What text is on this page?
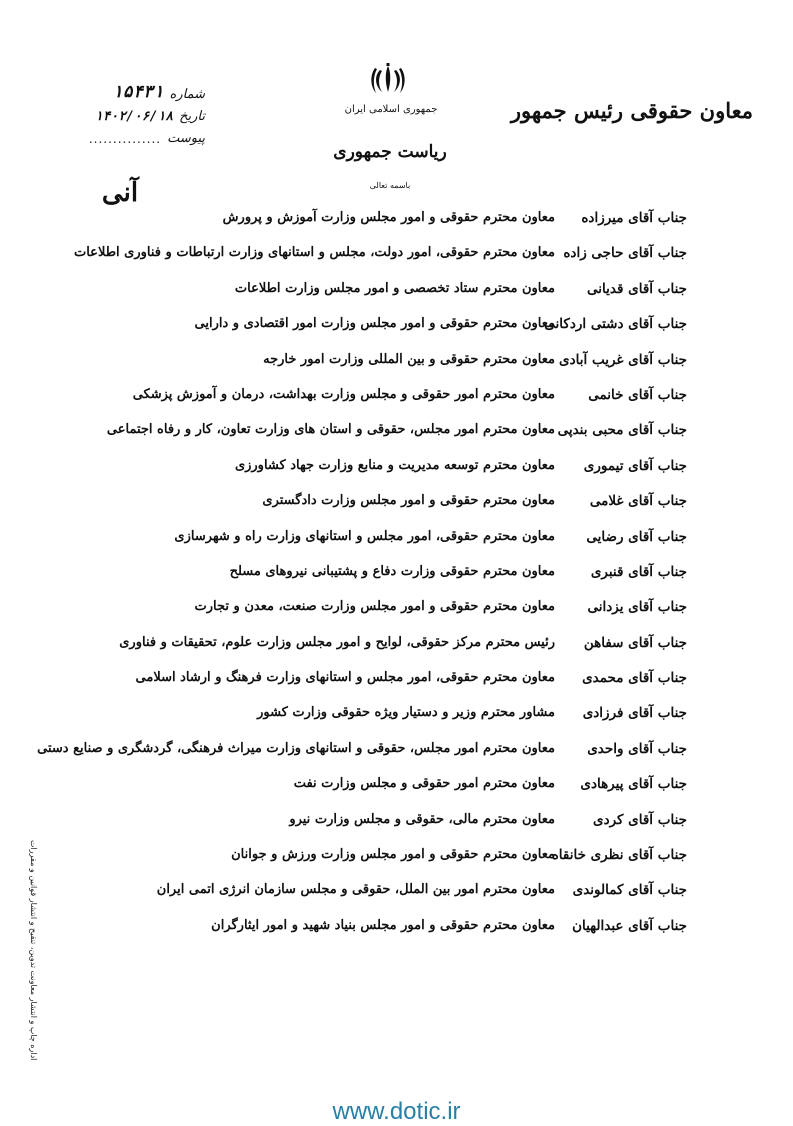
معاون حقوقی رئیس جمهور
جمهوری اسلامی ایران
ریاست جمهوری
باسمه تعالی
شماره
۱۵۴۳۱
تاریخ
۱۴۰۲/۰۶/۱۸
پیوست
...............
آنی
جناب آقای میرزاده
معاون محترم حقوقی و امور مجلس وزارت آموزش و پرورش
جناب آقای حاجی زاده
معاون محترم حقوقی، امور دولت، مجلس و استانهای وزارت ارتباطات و فناوری اطلاعات
جناب آقای قدیانی
معاون محترم ستاد تخصصی و امور مجلس وزارت اطلاعات
جناب آقای دشتی اردکانی
معاون محترم حقوقی و امور مجلس وزارت امور اقتصادی و دارایی
جناب آقای غریب آبادی
معاون محترم حقوقی و بین المللی وزارت امور خارجه
جناب آقای خانمی
معاون محترم امور حقوقی و مجلس وزارت بهداشت، درمان و آموزش پزشکی
جناب آقای محبی بندپی
معاون محترم امور مجلس، حقوقی و استان های وزارت تعاون، کار و رفاه اجتماعی
جناب آقای تیموری
معاون محترم توسعه مدیریت و منابع وزارت جهاد کشاورزی
جناب آقای غلامی
معاون محترم حقوقی و امور مجلس وزارت دادگستری
جناب آقای رضایی
معاون محترم حقوقی، امور مجلس و استانهای وزارت راه و شهرسازی
جناب آقای قنبری
معاون محترم حقوقی وزارت دفاع و پشتیبانی نیروهای مسلح
جناب آقای یزدانی
معاون محترم حقوقی و امور مجلس وزارت صنعت، معدن و تجارت
جناب آقای سفاهن
رئیس محترم مرکز حقوقی، لوایح و امور مجلس وزارت علوم، تحقیقات و فناوری
جناب آقای محمدی
معاون محترم حقوقی، امور مجلس و استانهای وزارت فرهنگ و ارشاد اسلامی
جناب آقای فرزادی
مشاور محترم وزیر و دستیار ویژه حقوقی وزارت کشور
جناب آقای واحدی
معاون محترم امور مجلس، حقوقی و استانهای وزارت میراث فرهنگی، گردشگری و صنایع دستی
جناب آقای پیرهادی
معاون محترم امور حقوقی و مجلس وزارت نفت
جناب آقای کردی
معاون محترم مالی، حقوقی و مجلس وزارت نیرو
جناب آقای نظری خانقاه
معاون محترم حقوقی و امور مجلس وزارت ورزش و جوانان
جناب آقای کمالوندی
معاون محترم امور بین الملل، حقوقی و مجلس سازمان انرژی اتمی ایران
جناب آقای عبدالهیان
معاون محترم حقوقی و امور مجلس بنیاد شهید و امور ایثارگران
اداره چاپ و انتشار معاونت تدوین، تنقیح و انتشار قوانین و مقررات
www.dotic.ir
